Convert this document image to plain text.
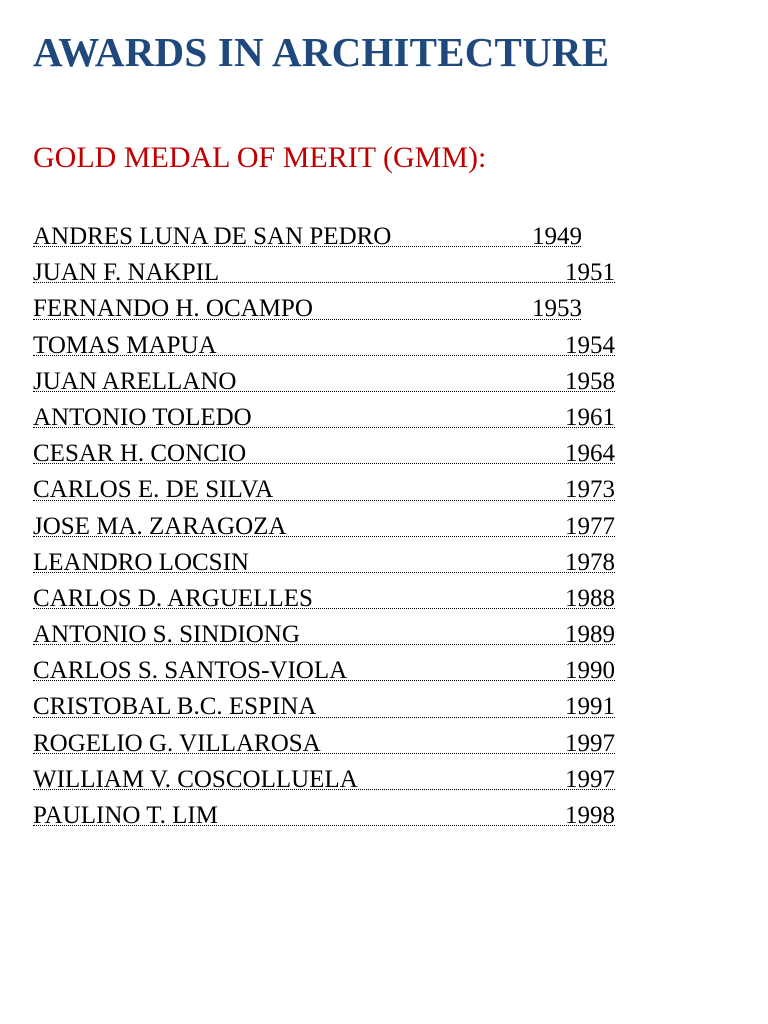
AWARDS IN ARCHITECTURE
GOLD MEDAL OF MERIT (GMM):
ANDRES LUNA DE SAN PEDRO	1949
JUAN F. NAKPIL	1951
FERNANDO H. OCAMPO	1953
TOMAS MAPUA	1954
JUAN ARELLANO	1958
ANTONIO TOLEDO	1961
CESAR H. CONCIO	1964
CARLOS E. DE SILVA	1973
JOSE MA. ZARAGOZA	1977
LEANDRO LOCSIN	1978
CARLOS D. ARGUELLES	1988
ANTONIO S. SINDIONG	1989
CARLOS S. SANTOS-VIOLA	1990
CRISTOBAL B.C. ESPINA	1991
ROGELIO G. VILLAROSA	1997
WILLIAM V. COSCOLLUELA	1997
PAULINO T. LIM	1998
